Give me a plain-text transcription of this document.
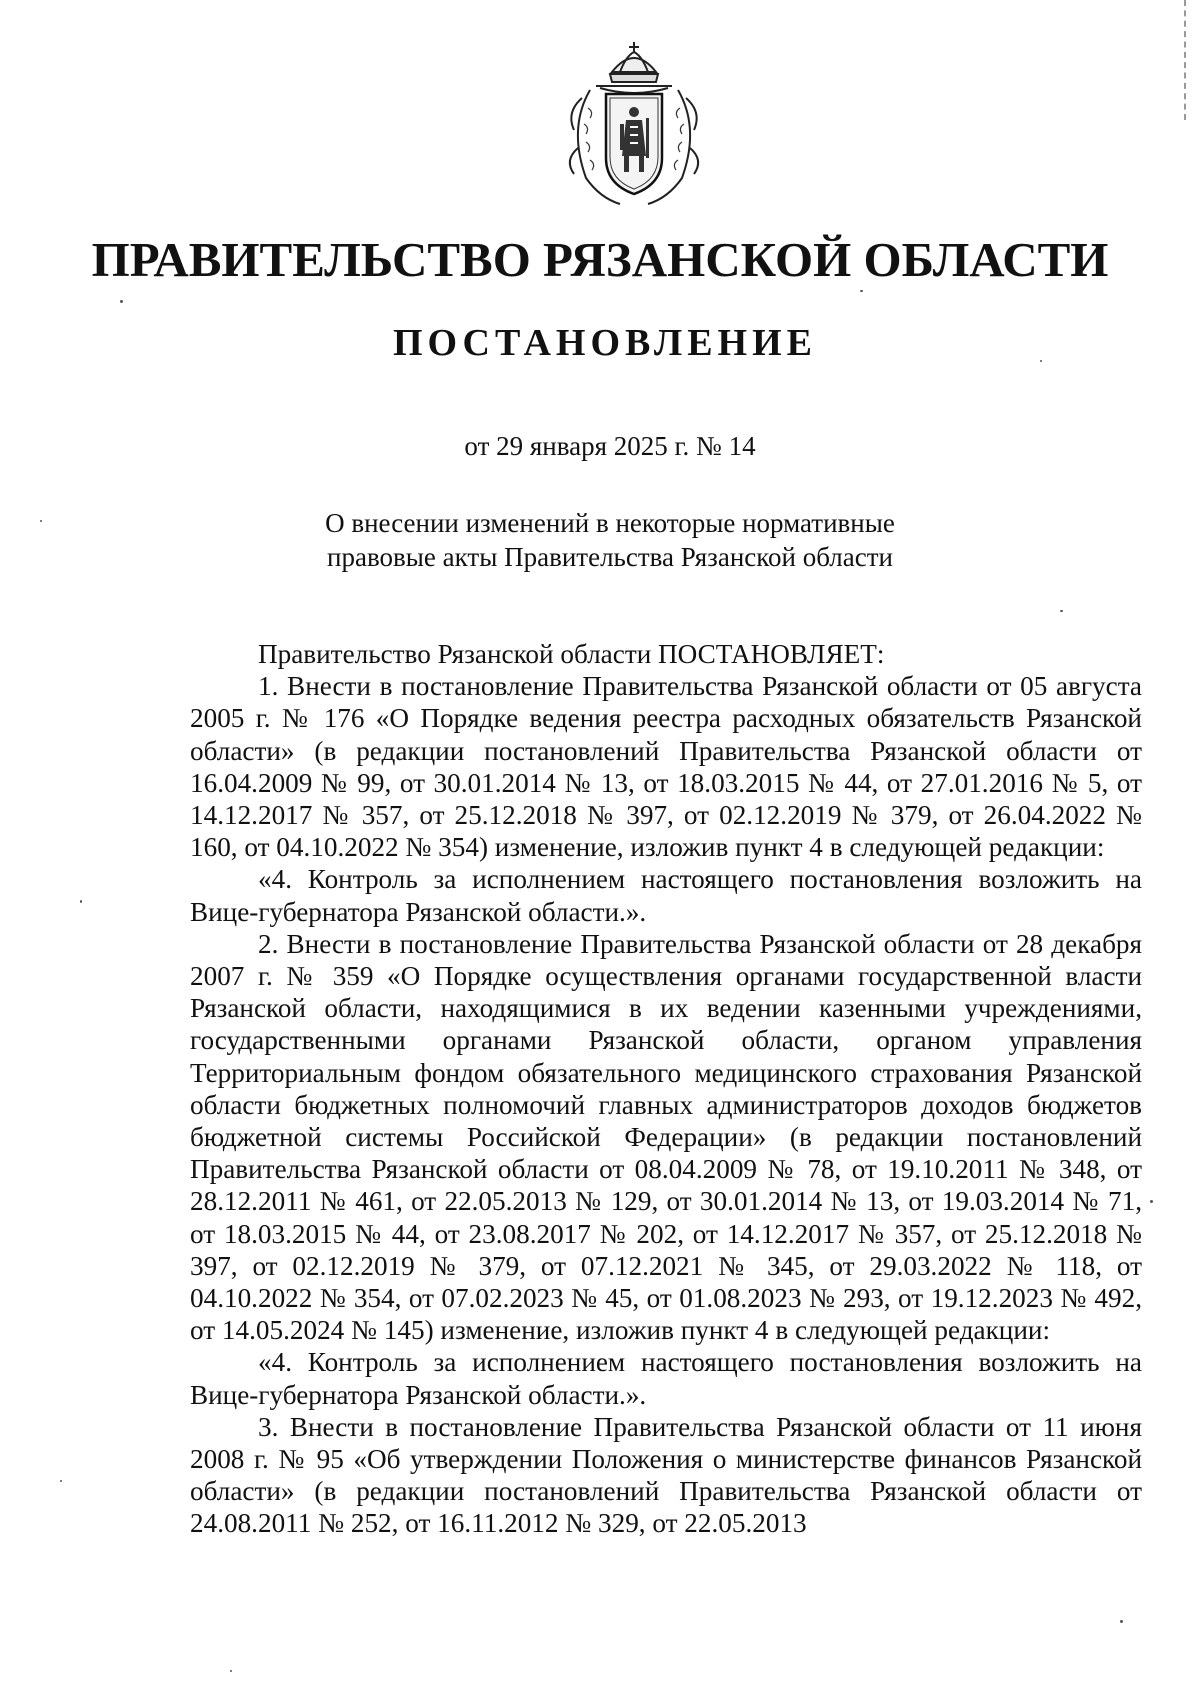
ПРАВИТЕЛЬСТВО РЯЗАНСКОЙ ОБЛАСТИ
ПОСТАНОВЛЕНИЕ
от 29 января 2025 г. № 14
О внесении изменений в некоторые нормативные
правовые акты Правительства Рязанской области

Правительство Рязанской области ПОСТАНОВЛЯЕТ:

1. Внести в постановление Правительства Рязанской области от 05 августа 2005 г. № 176 «О Порядке ведения реестра расходных обязательств Рязанской области» (в редакции постановлений Правительства Рязанской области от 16.04.2009 № 99, от 30.01.2014 № 13, от 18.03.2015 № 44, от 27.01.2016 № 5, от 14.12.2017 № 357, от 25.12.2018 № 397, от 02.12.2019 № 379, от 26.04.2022 № 160, от 04.10.2022 № 354) изменение, изложив пункт 4 в следующей редакции:

«4. Контроль за исполнением настоящего постановления возложить на Вице-губернатора Рязанской области.».

2. Внести в постановление Правительства Рязанской области от 28 декабря 2007 г. № 359 «О Порядке осуществления органами государственной власти Рязанской области, находящимися в их ведении казенными учреждениями, государственными органами Рязанской области, органом управления Территориальным фондом обязательного медицинского страхования Рязанской области бюджетных полномочий главных администраторов доходов бюджетов бюджетной системы Российской Федерации» (в редакции постановлений Правительства Рязанской области от 08.04.2009 № 78, от 19.10.2011 № 348, от 28.12.2011 № 461, от 22.05.2013 № 129, от 30.01.2014 № 13, от 19.03.2014 № 71, от 18.03.2015 № 44, от 23.08.2017 № 202, от 14.12.2017 № 357, от 25.12.2018 № 397, от 02.12.2019 № 379, от 07.12.2021 № 345, от 29.03.2022 № 118, от 04.10.2022 № 354, от 07.02.2023 № 45, от 01.08.2023 № 293, от 19.12.2023 № 492, от 14.05.2024 № 145) изменение, изложив пункт 4 в следующей редакции:

«4. Контроль за исполнением настоящего постановления возложить на Вице-губернатора Рязанской области.».

3. Внести в постановление Правительства Рязанской области от 11 июня 2008 г. № 95 «Об утверждении Положения о министерстве финансов Рязанской области» (в редакции постановлений Правительства Рязанской области от 24.08.2011 № 252, от 16.11.2012 № 329, от 22.05.2013
